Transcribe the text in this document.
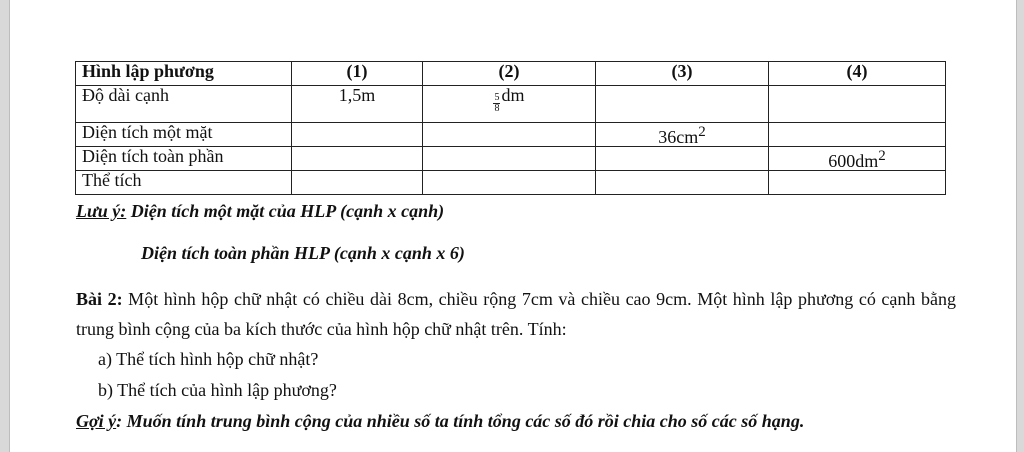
Hình lập phương	(1)	(2)	(3)	(4)
Độ dài cạnh	1,5m	$\frac{5}{8}$ dm		
Diện tích một mặt			$36cm^2$	
Diện tích toàn phần				$600dm^2$
Thể tích				
Lưu ý: Diện tích một mặt của HLP (cạnh x cạnh)
Diện tích toàn phần HLP (cạnh x cạnh x 6)
Bài 2: Một hình hộp chữ nhật có chiều dài 8cm, chiều rộng 7cm và chiều cao 9cm. Một hình lập phương có cạnh bằng trung bình cộng của ba kích thước của hình hộp chữ nhật trên. Tính:
a) Thể tích hình hộp chữ nhật?
b) Thể tích của hình lập phương?
Gợi ý: Muốn tính trung bình cộng của nhiều số ta tính tổng các số đó rồi chia cho số các số hạng.
